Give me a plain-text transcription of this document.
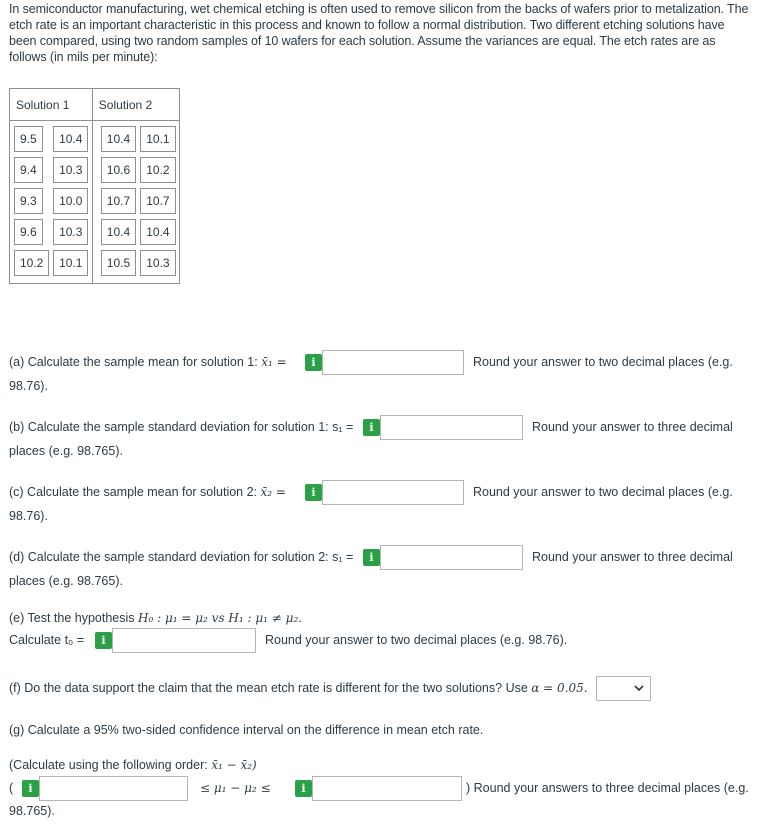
In semiconductor manufacturing, wet chemical etching is often used to remove silicon from the backs of wafers prior to metalization. The etch rate is an important characteristic in this process and known to follow a normal distribution. Two different etching solutions have been compared, using two random samples of 10 wafers for each solution. Assume the variances are equal. The etch rates are as follows (in mils per minute):
Solution 1		Solution 2	

9.5	10.4	10.4	10.1

9.4	10.3	10.6	10.2

9.3	10.0	10.7	10.7

9.6	10.3	10.4	10.4

10.2	10.1	10.5	10.3

(a) Calculate the sample mean for solution 1: x̄₁ =	i	Round your answer to two decimal places (e.g.
98.76).
(b) Calculate the sample standard deviation for solution 1: s₁ =	i	Round your answer to three decimal
places (e.g. 98.765).
(c) Calculate the sample mean for solution 2: x̄₂ =	i	Round your answer to two decimal places (e.g.
98.76).
(d) Calculate the sample standard deviation for solution 2: s₁ =	i	Round your answer to three decimal
places (e.g. 98.765).
(e) Test the hypothesis H₀ : μ₁ = μ₂ vs H₁ : μ₁ ≠ μ₂.
Calculate t₀ =	i	Round your answer to two decimal places (e.g. 98.76).
(f) Do the data support the claim that the mean etch rate is different for the two solutions? Use α = 0.05.
(g) Calculate a 95% two-sided confidence interval on the difference in mean etch rate.
(Calculate using the following order: x̄₁ − x̄₂)
(	i	≤ μ₁ − μ₂ ≤	i	) Round your answers to three decimal places (e.g.
98.765).
